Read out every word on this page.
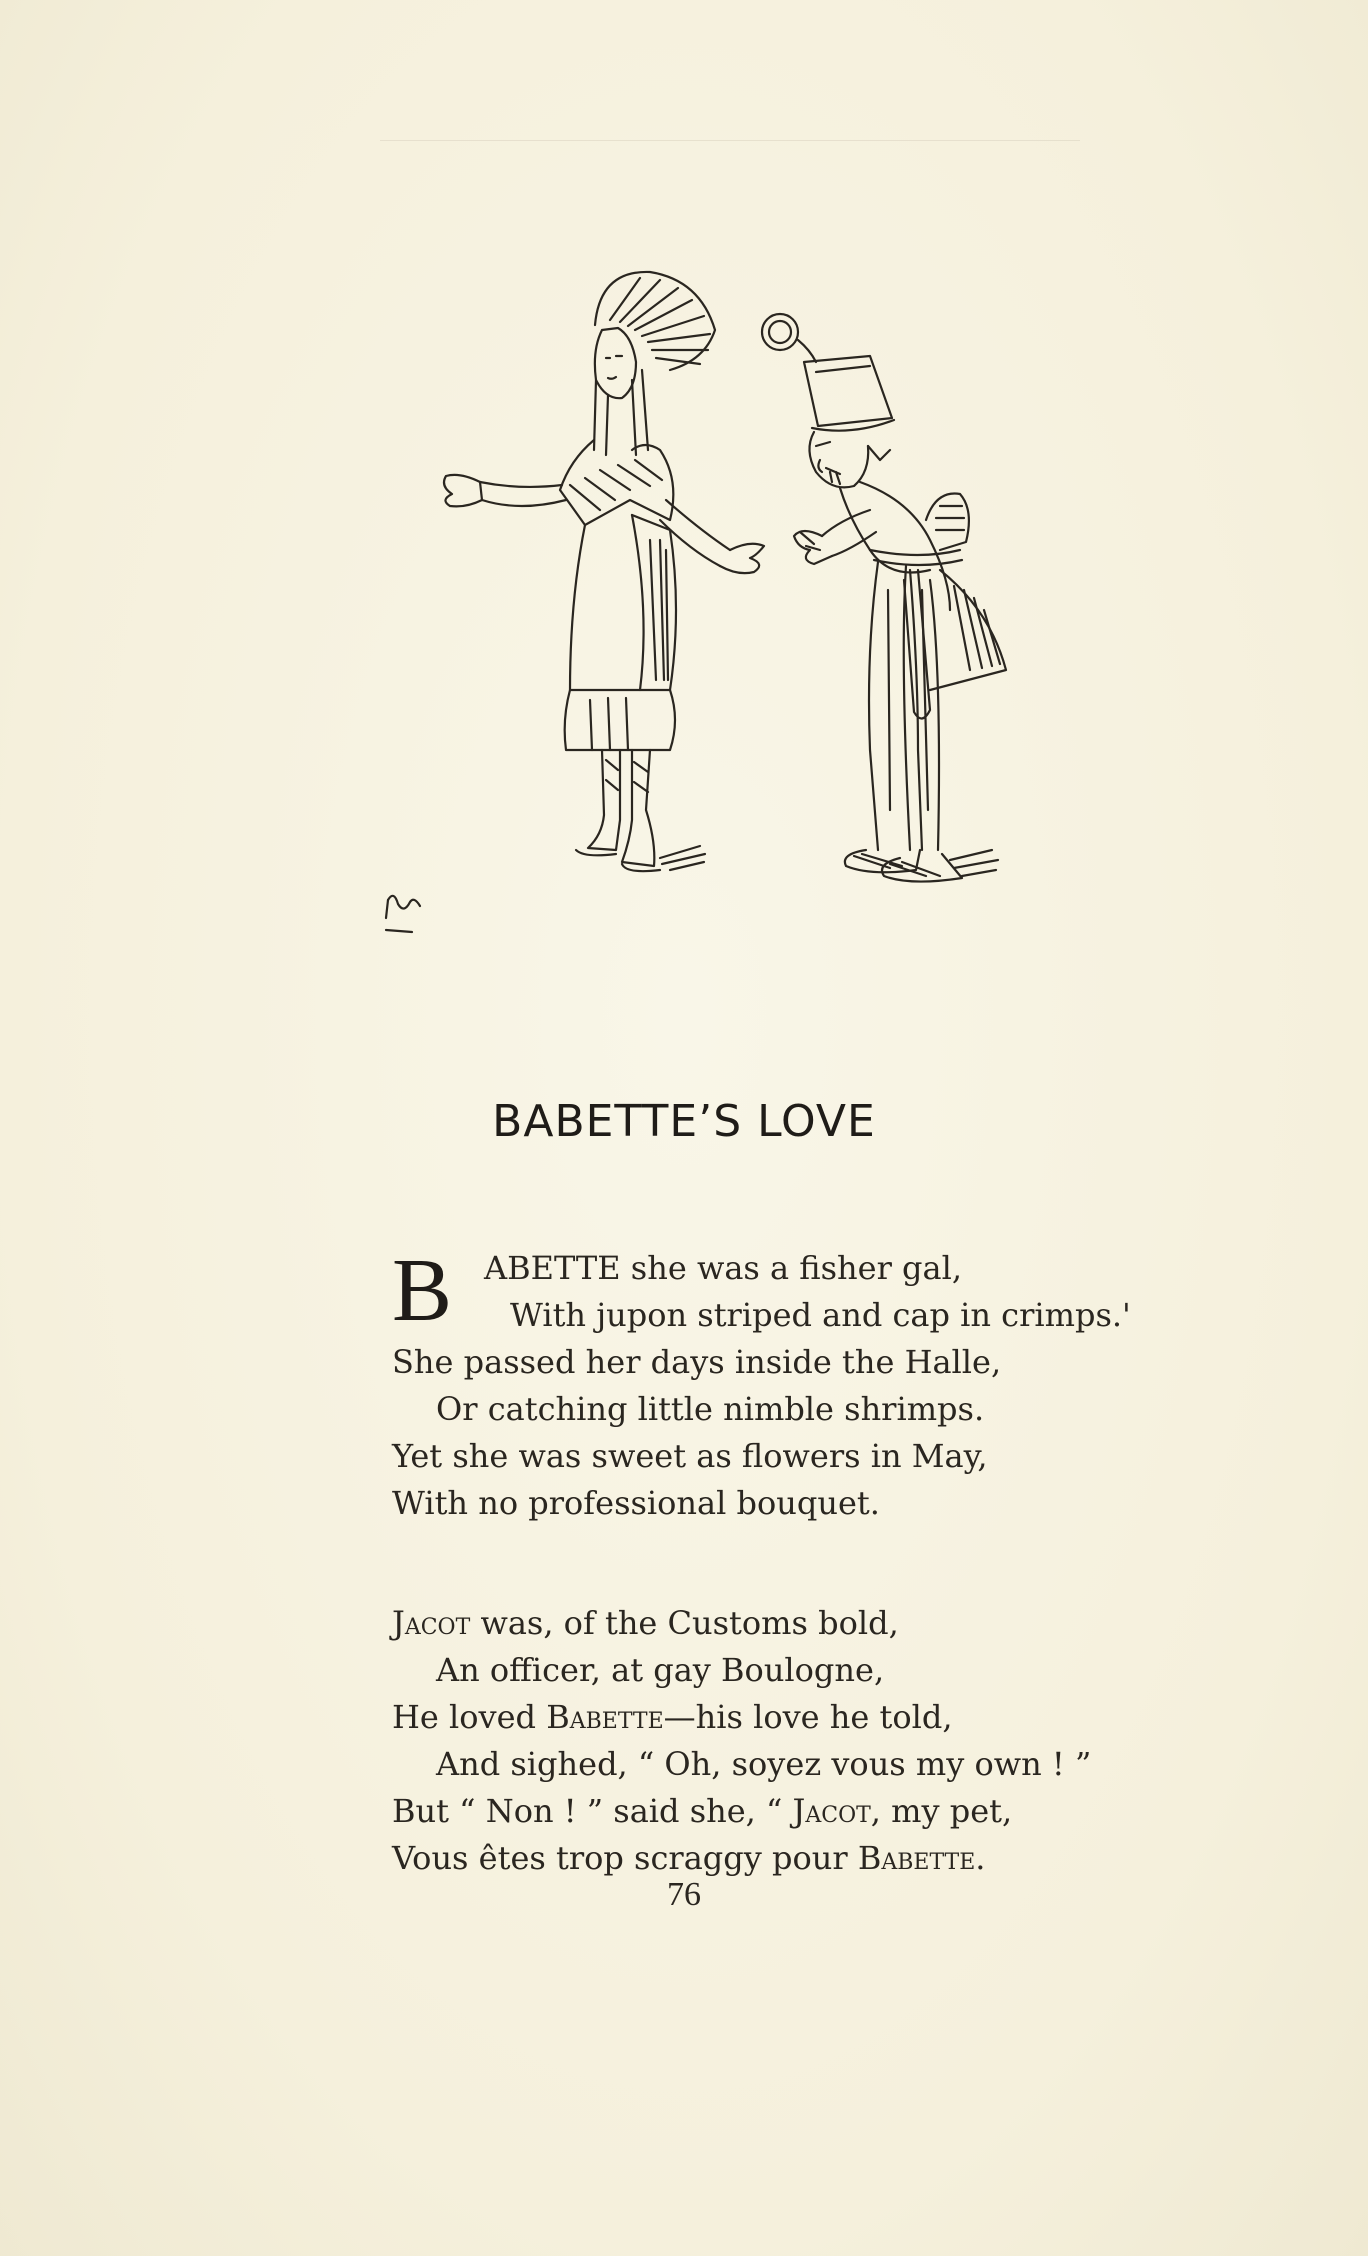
BABETTE’S LOVE
B ABETTE she was a fisher gal,
With jupon striped and cap in crimps.'
She passed her days inside the Halle,
Or catching little nimble shrimps.
Yet she was sweet as flowers in May,
With no professional bouquet.
Jacot was, of the Customs bold,
An officer, at gay Boulogne,
He loved Babette—his love he told,
And sighed, “ Oh, soyez vous my own ! ”
But “ Non ! ” said she, “ Jacot, my pet,
Vous êtes trop scraggy pour Babette.
76
